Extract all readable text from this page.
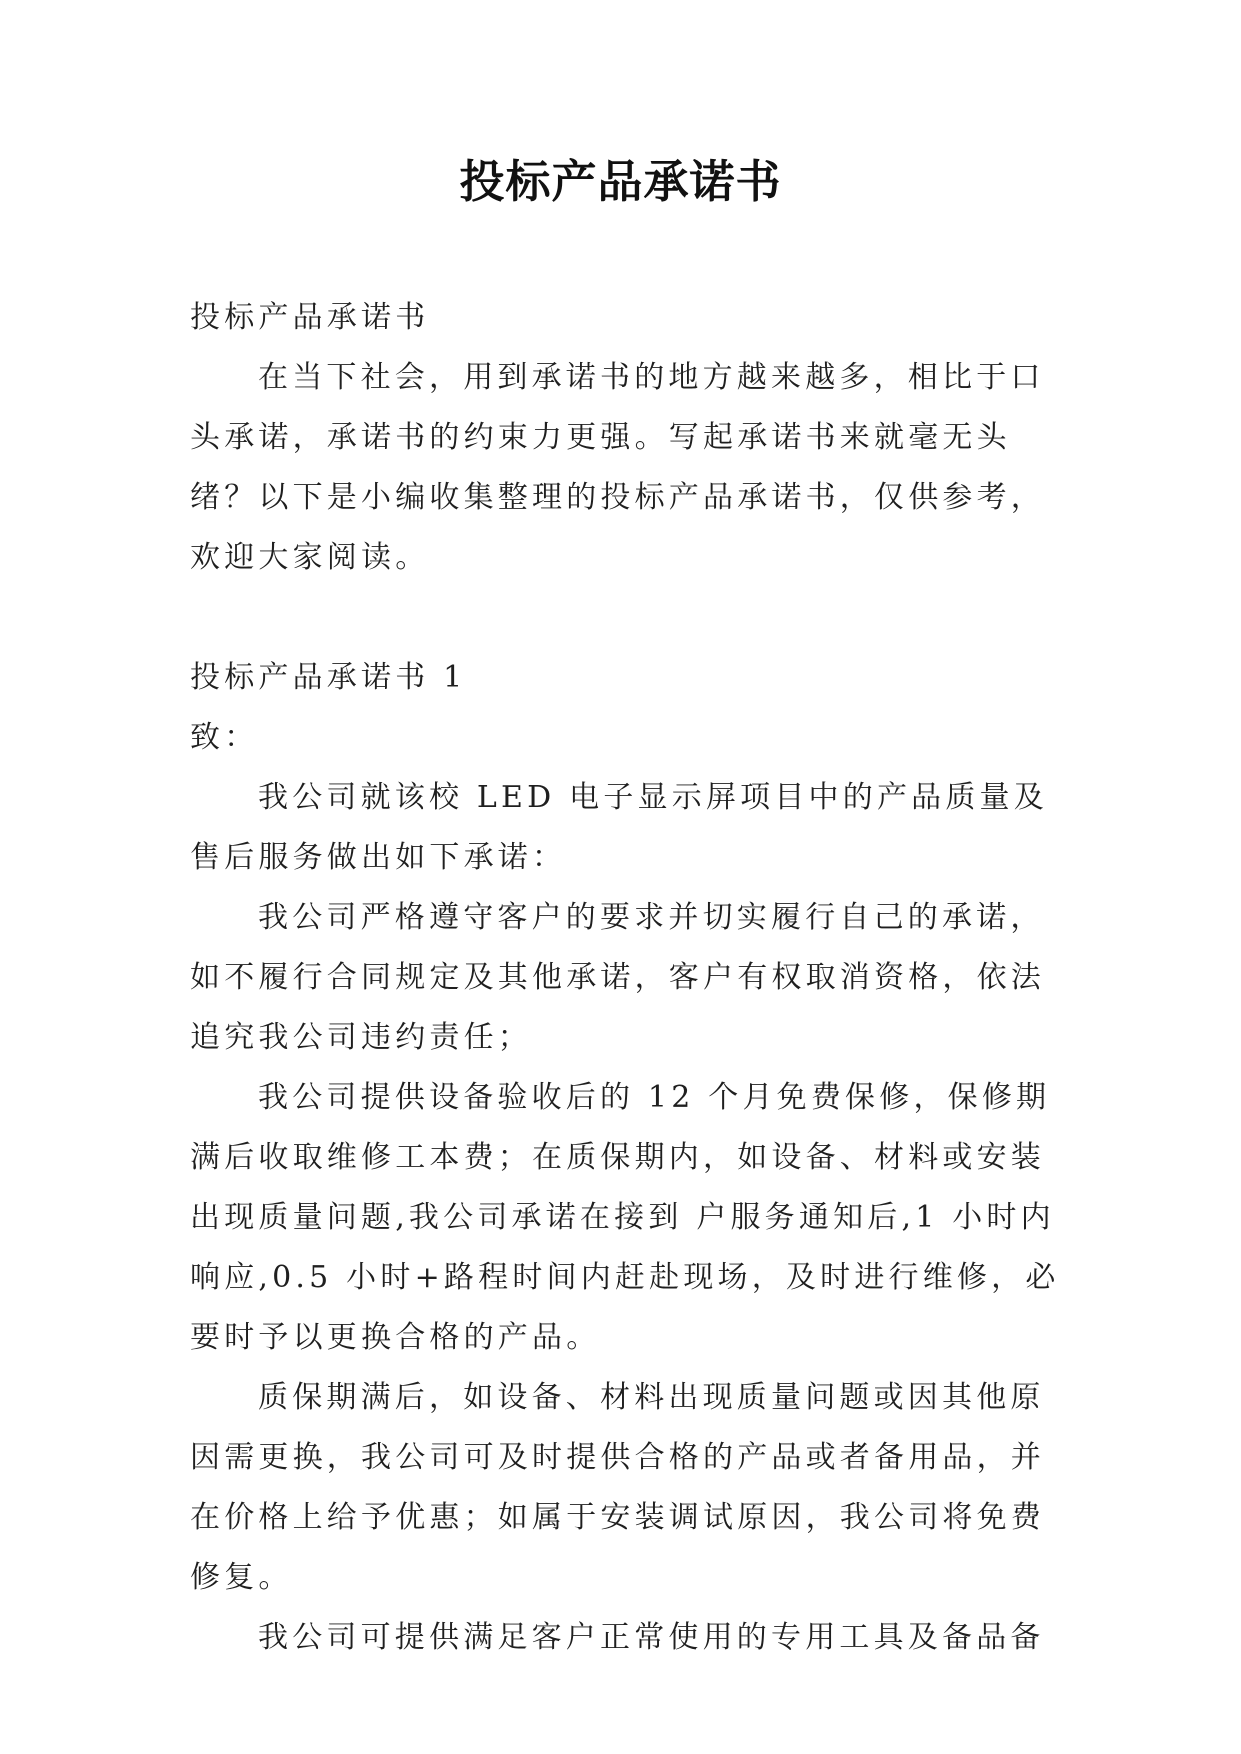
投标产品承诺书

投标产品承诺书

在当下社会，用到承诺书的地方越来越多，相比于口头承诺，承诺书的约束力更强。写起承诺书来就毫无头绪？以下是小编收集整理的投标产品承诺书，仅供参考，欢迎大家阅读。

投标产品承诺书 1

致：

我公司就该校 LED 电子显示屏项目中的产品质量及售后服务做出如下承诺：

我公司严格遵守客户的要求并切实履行自己的承诺，如不履行合同规定及其他承诺，客户有权取消资格，依法追究我公司违约责任；

我公司提供设备验收后的 12 个月免费保修，保修期满后收取维修工本费；在质保期内，如设备、材料或安装出现质量问题,我公司承诺在接到 户服务通知后,1 小时内响应,0.5 小时+路程时间内赶赴现场，及时进行维修，必要时予以更换合格的产品。

质保期满后，如设备、材料出现质量问题或因其他原因需更换，我公司可及时提供合格的产品或者备用品，并在价格上给予优惠；如属于安装调试原因，我公司将免费修复。

我公司可提供满足客户正常使用的专用工具及备品备
